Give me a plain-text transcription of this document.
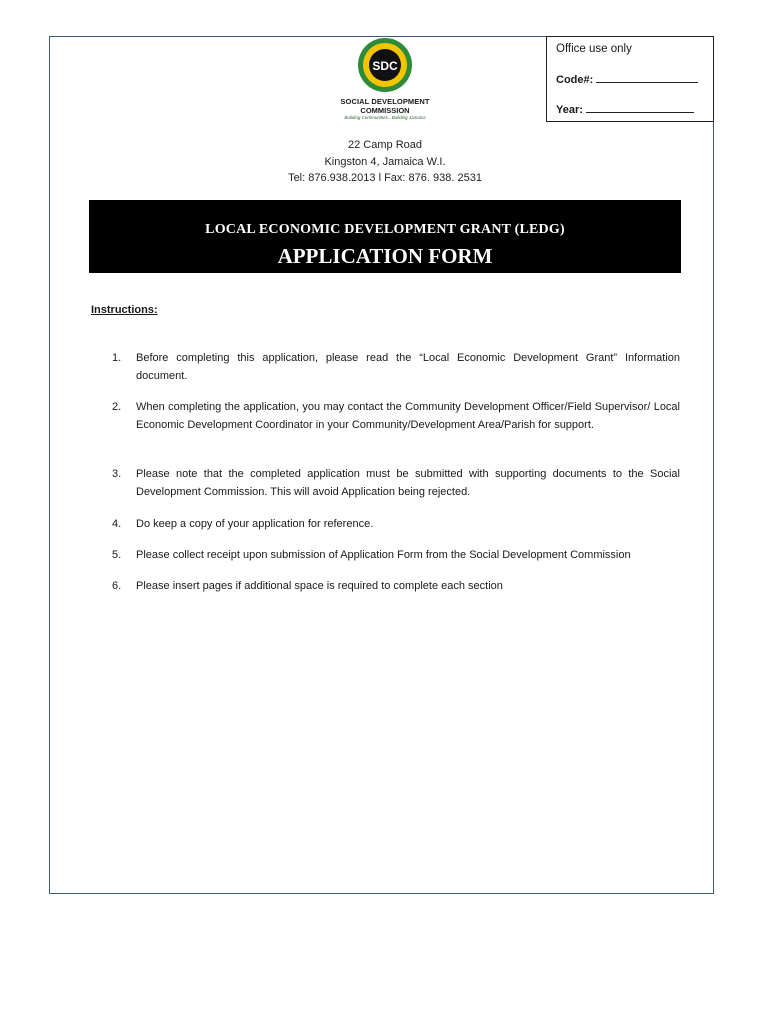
SDC
SOCIAL DEVELOPMENT
COMMISSION
Building Communities...Building Jamaica
Office use only
Code#:
Year:
22 Camp Road
Kingston 4, Jamaica W.I.
Tel: 876.938.2013 l Fax: 876. 938. 2531
LOCAL ECONOMIC DEVELOPMENT GRANT (LEDG)
APPLICATION FORM
Instructions:
1.	Before completing this application, please read the “Local Economic Development Grant” Information document.
2.	When completing the application, you may contact the Community Development Officer/Field Supervisor/ Local Economic Development Coordinator in your Community/Development Area/Parish for support.
3.	Please note that the completed application must be submitted with supporting documents to the Social Development Commission. This will avoid Application being rejected.
4.	Do keep a copy of your application for reference.
5.	Please collect receipt upon submission of Application Form from the Social Development Commission
6.	Please insert pages if additional space is required to complete each section
